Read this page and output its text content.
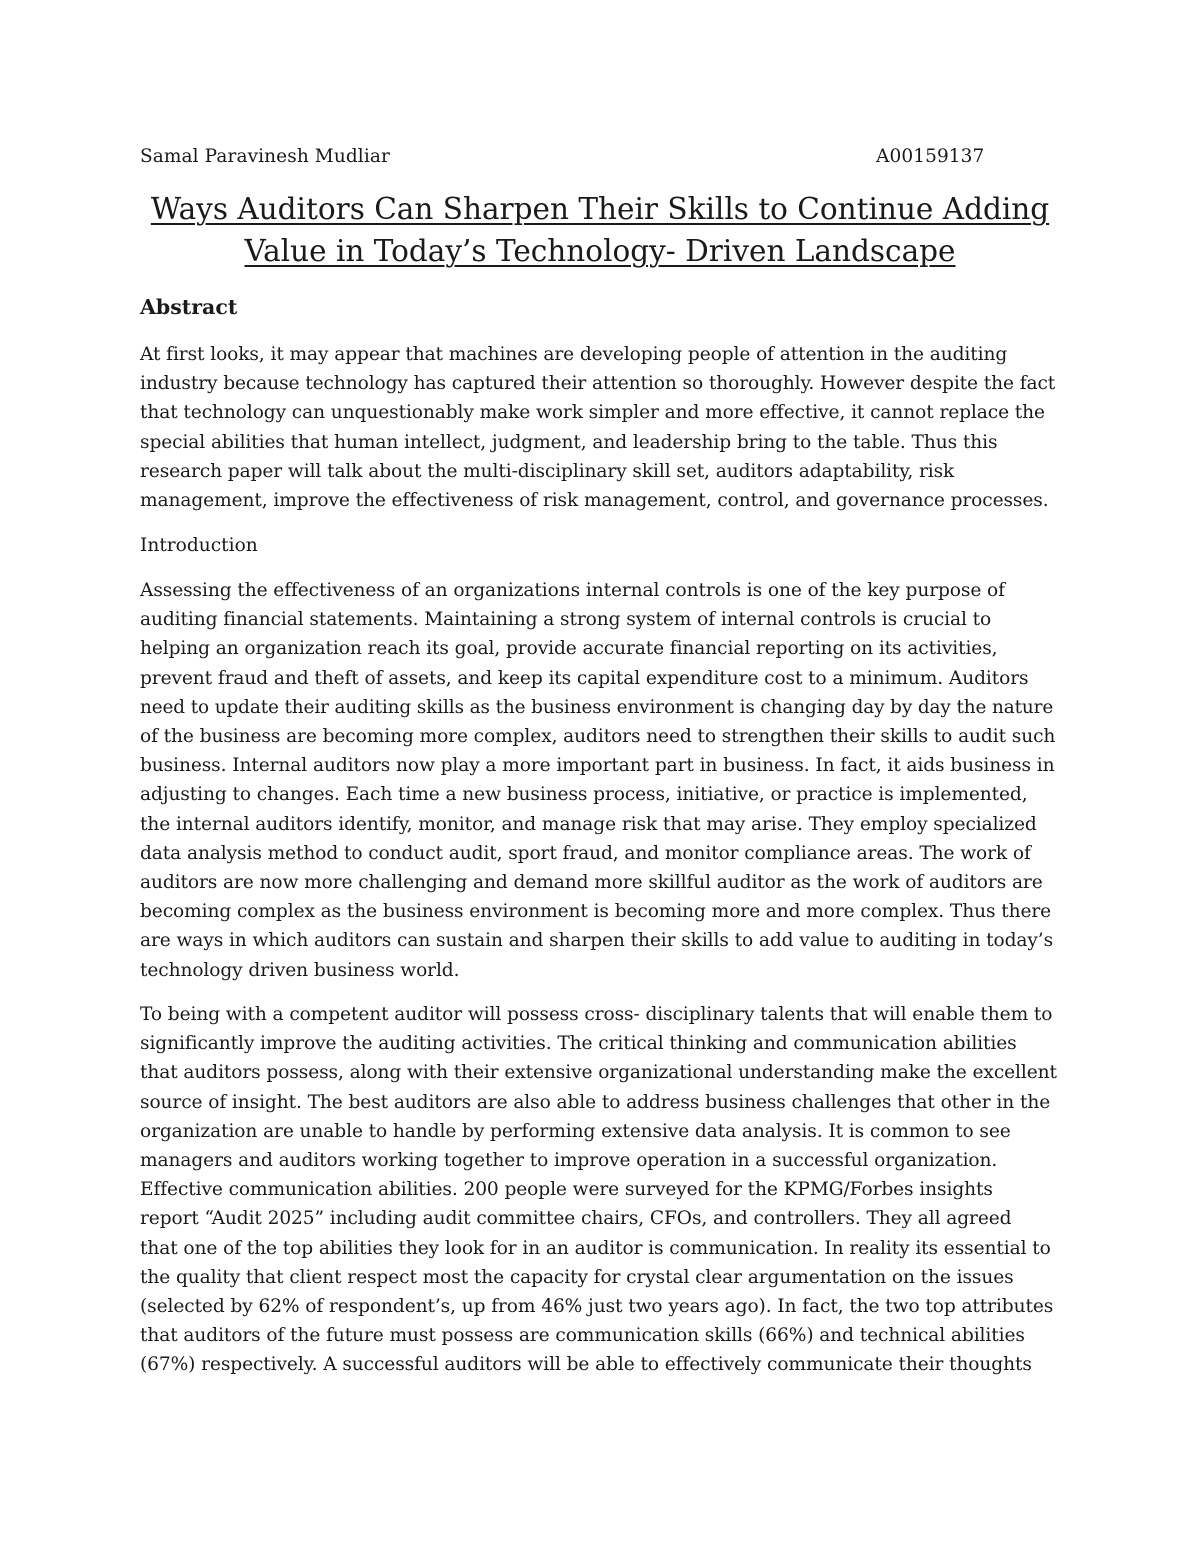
Samal Paravinesh Mudliar	A00159137
Ways Auditors Can Sharpen Their Skills to Continue Adding
Value in Today’s Technology- Driven Landscape
Abstract
At first looks, it may appear that machines are developing people of attention in the auditing
industry because technology has captured their attention so thoroughly. However despite the fact
that technology can unquestionably make work simpler and more effective, it cannot replace the
special abilities that human intellect, judgment, and leadership bring to the table. Thus this
research paper will talk about the multi-disciplinary skill set, auditors adaptability, risk
management, improve the effectiveness of risk management, control, and governance processes.
Introduction
Assessing the effectiveness of an organizations internal controls is one of the key purpose of
auditing financial statements. Maintaining a strong system of internal controls is crucial to
helping an organization reach its goal, provide accurate financial reporting on its activities,
prevent fraud and theft of assets, and keep its capital expenditure cost to a minimum. Auditors
need to update their auditing skills as the business environment is changing day by day the nature
of the business are becoming more complex, auditors need to strengthen their skills to audit such
business. Internal auditors now play a more important part in business. In fact, it aids business in
adjusting to changes. Each time a new business process, initiative, or practice is implemented,
the internal auditors identify, monitor, and manage risk that may arise. They employ specialized
data analysis method to conduct audit, sport fraud, and monitor compliance areas. The work of
auditors are now more challenging and demand more skillful auditor as the work of auditors are
becoming complex as the business environment is becoming more and more complex. Thus there
are ways in which auditors can sustain and sharpen their skills to add value to auditing in today’s
technology driven business world.
To being with a competent auditor will possess cross- disciplinary talents that will enable them to
significantly improve the auditing activities. The critical thinking and communication abilities
that auditors possess, along with their extensive organizational understanding make the excellent
source of insight. The best auditors are also able to address business challenges that other in the
organization are unable to handle by performing extensive data analysis. It is common to see
managers and auditors working together to improve operation in a successful organization.
Effective communication abilities. 200 people were surveyed for the KPMG/Forbes insights
report “Audit 2025” including audit committee chairs, CFOs, and controllers. They all agreed
that one of the top abilities they look for in an auditor is communication. In reality its essential to
the quality that client respect most the capacity for crystal clear argumentation on the issues
(selected by 62% of respondent’s, up from 46% just two years ago). In fact, the two top attributes
that auditors of the future must possess are communication skills (66%) and technical abilities
(67%) respectively. A successful auditors will be able to effectively communicate their thoughts
